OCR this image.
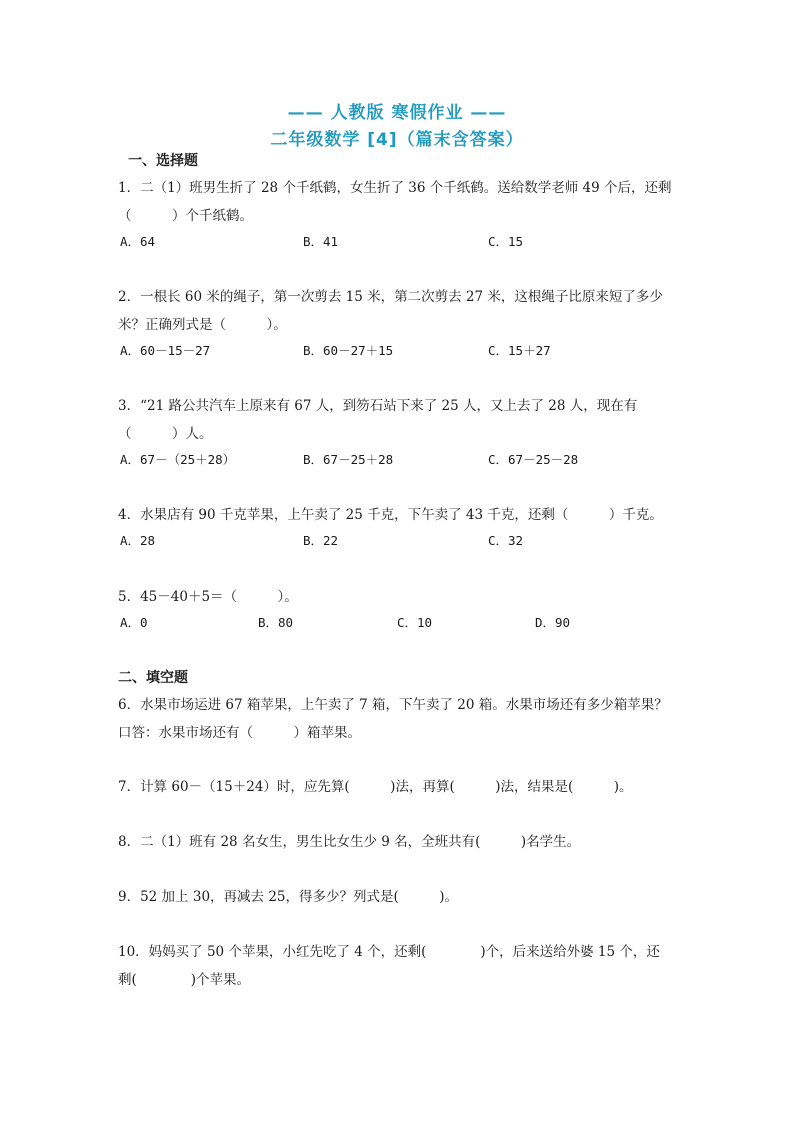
—— 人教版 寒假作业 ——
二年级数学 [4]（篇末含答案）
一、选择题
1．二（1）班男生折了 28 个千纸鹤，女生折了 36 个千纸鹤。送给数学老师 49 个后，还剩
（　　　）个千纸鹤。
A．64	B．41	C．15
2．一根长 60 米的绳子，第一次剪去 15 米，第二次剪去 27 米，这根绳子比原来短了多少
米？正确列式是（　　　）。
A．60－15－27	B．60－27＋15	C．15＋27
3．“21 路公共汽车上原来有 67 人，到笏石站下来了 25 人，又上去了 28 人，现在有
（　　　）人。
A．67－（25＋28）	B．67－25＋28	C．67－25－28
4．水果店有 90 千克苹果，上午卖了 25 千克，下午卖了 43 千克，还剩（　　　）千克。
A．28	B．22	C．32
5．45－40＋5＝（　　　）。
A．0	B．80	C．10	D．90
二、填空题
6．水果市场运进 67 箱苹果，上午卖了 7 箱，下午卖了 20 箱。水果市场还有多少箱苹果？
口答：水果市场还有（　　　）箱苹果。
7．计算 60－（15＋24）时，应先算(　　　)法，再算(　　　)法，结果是(　　　)。
8．二（1）班有 28 名女生，男生比女生少 9 名，全班共有(　　　)名学生。
9．52 加上 30，再减去 25，得多少？列式是(　　　)。
10．妈妈买了 50 个苹果，小红先吃了 4 个，还剩(　　　　)个，后来送给外婆 15 个，还
剩(　　　　)个苹果。
